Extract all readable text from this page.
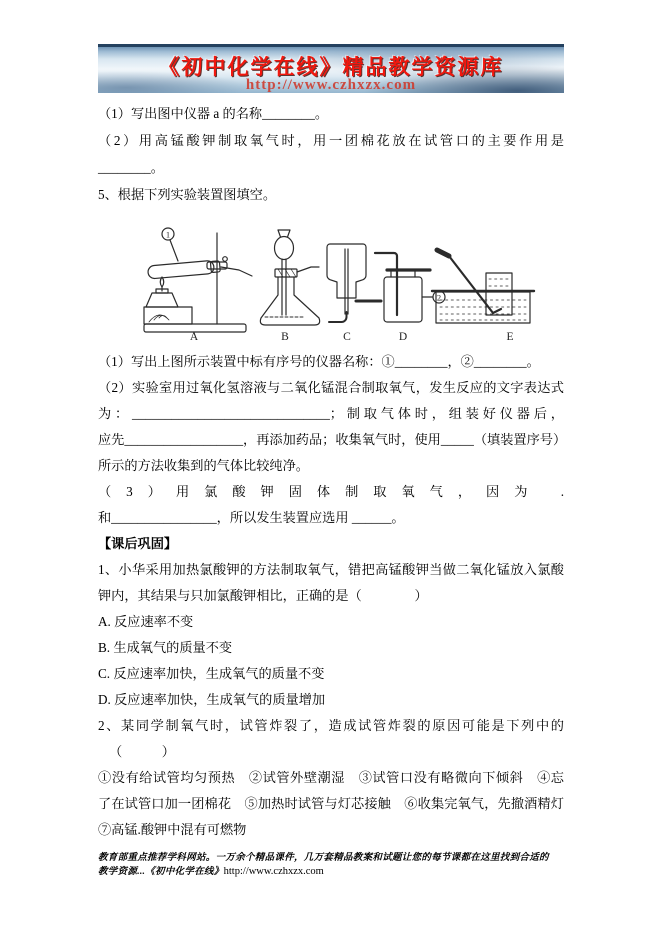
《初中化学在线》精品教学资源库
http://www.czhxzx.com
（1）写出图中仪器 a 的名称________。
（2）用高锰酸钾制取氧气时，用一团棉花放在试管口的主要作用是
________。
5、根据下列实验装置图填空。
1
B	C
2
D	E
A
（1）写出上图所示装置中标有序号的仪器名称：①________，②________。
（2）实验室用过氧化氢溶液与二氧化锰混合制取氧气，发生反应的文字表达式
为：______________________________；制取气体时，组装好仪器后，
应先__________________，再添加药品；收集氧气时，使用_____（填装置序号）
所示的方法收集到的气体比较纯净。
（3）用氯酸钾固体制取氧气，因为 .
和________________，所以发生装置应选用 ______。
【课后巩固】
1、小华采用加热氯酸钾的方法制取氧气，错把高锰酸钾当做二氧化锰放入氯酸
钾内，其结果与只加氯酸钾相比，正确的是（　　　　）
A. 反应速率不变
B. 生成氧气的质量不变
C. 反应速率加快，生成氧气的质量不变
D. 反应速率加快，生成氧气的质量增加
2、某同学制氧气时，试管炸裂了，造成试管炸裂的原因可能是下列中的
（　　　）
①没有给试管均匀预热　②试管外壁潮湿　③试管口没有略微向下倾斜　④忘
了在试管口加一团棉花　⑤加热时试管与灯芯接触　⑥收集完氧气，先撤酒精灯
⑦高锰.酸钾中混有可燃物
教育部重点推荐学科网站。一万余个精品课件，几万套精品教案和试题让您的每节课都在这里找到合适的
教学资源...《初中化学在线》http://www.czhxzx.com
